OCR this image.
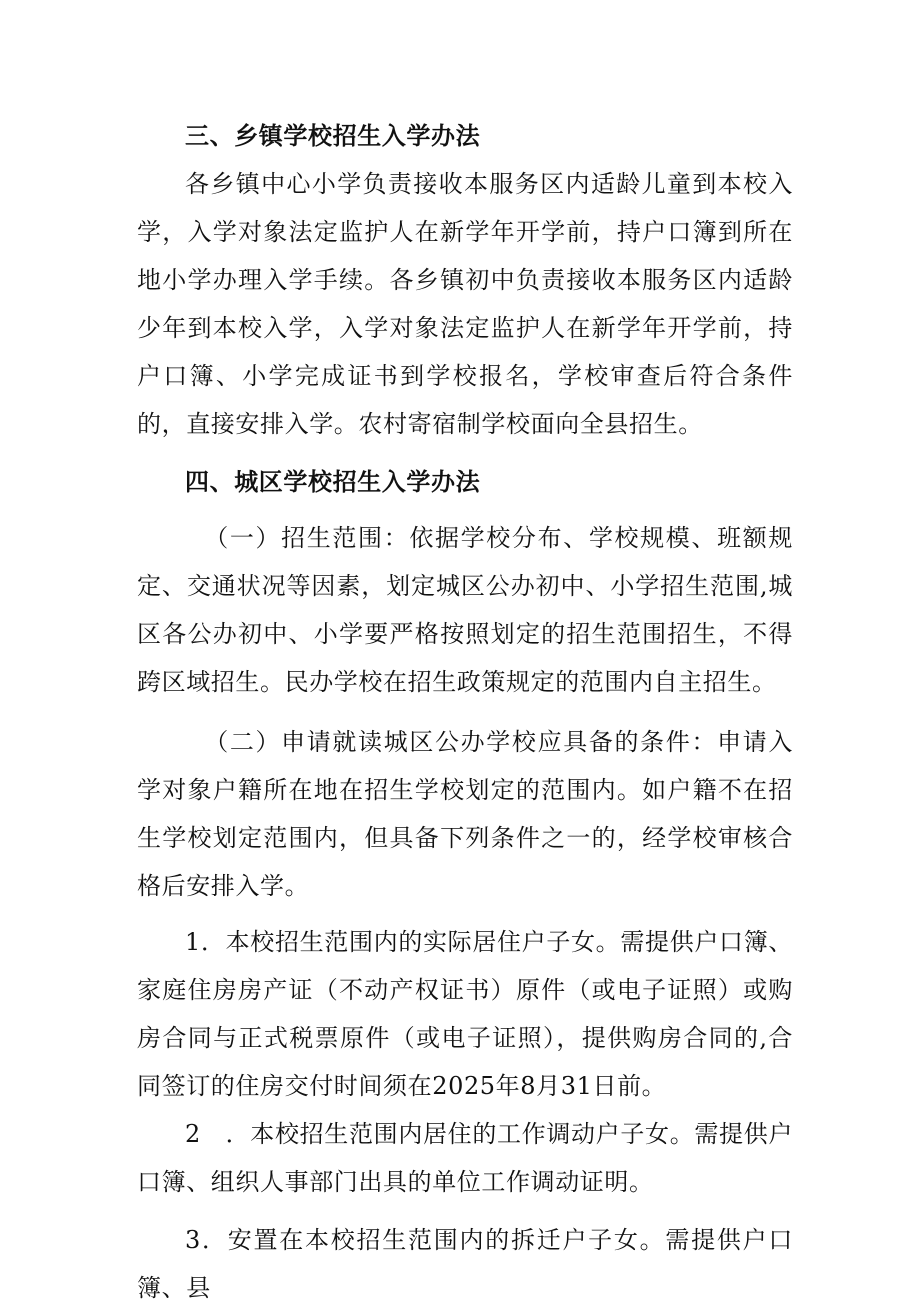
三、乡镇学校招生入学办法

各乡镇中心小学负责接收本服务区内适龄儿童到本校入学，入学对象法定监护人在新学年开学前，持户口簿到所在地小学办理入学手续。各乡镇初中负责接收本服务区内适龄少年到本校入学，入学对象法定监护人在新学年开学前，持户口簿、小学完成证书到学校报名，学校审查后符合条件的，直接安排入学。农村寄宿制学校面向全县招生。

四、城区学校招生入学办法

（一）招生范围：依据学校分布、学校规模、班额规定、交通状况等因素，划定城区公办初中、小学招生范围,城区各公办初中、小学要严格按照划定的招生范围招生，不得跨区域招生。民办学校在招生政策规定的范围内自主招生。

（二）申请就读城区公办学校应具备的条件：申请入学对象户籍所在地在招生学校划定的范围内。如户籍不在招生学校划定范围内，但具备下列条件之一的，经学校审核合格后安排入学。

1．本校招生范围内的实际居住户子女。需提供户口簿、家庭住房房产证（不动产权证书）原件（或电子证照）或购房合同与正式税票原件（或电子证照），提供购房合同的,合同签订的住房交付时间须在2025年8月31日前。

2　．本校招生范围内居住的工作调动户子女。需提供户口簿、组织人事部门出具的单位工作调动证明。

3．安置在本校招生范围内的拆迁户子女。需提供户口簿、县
